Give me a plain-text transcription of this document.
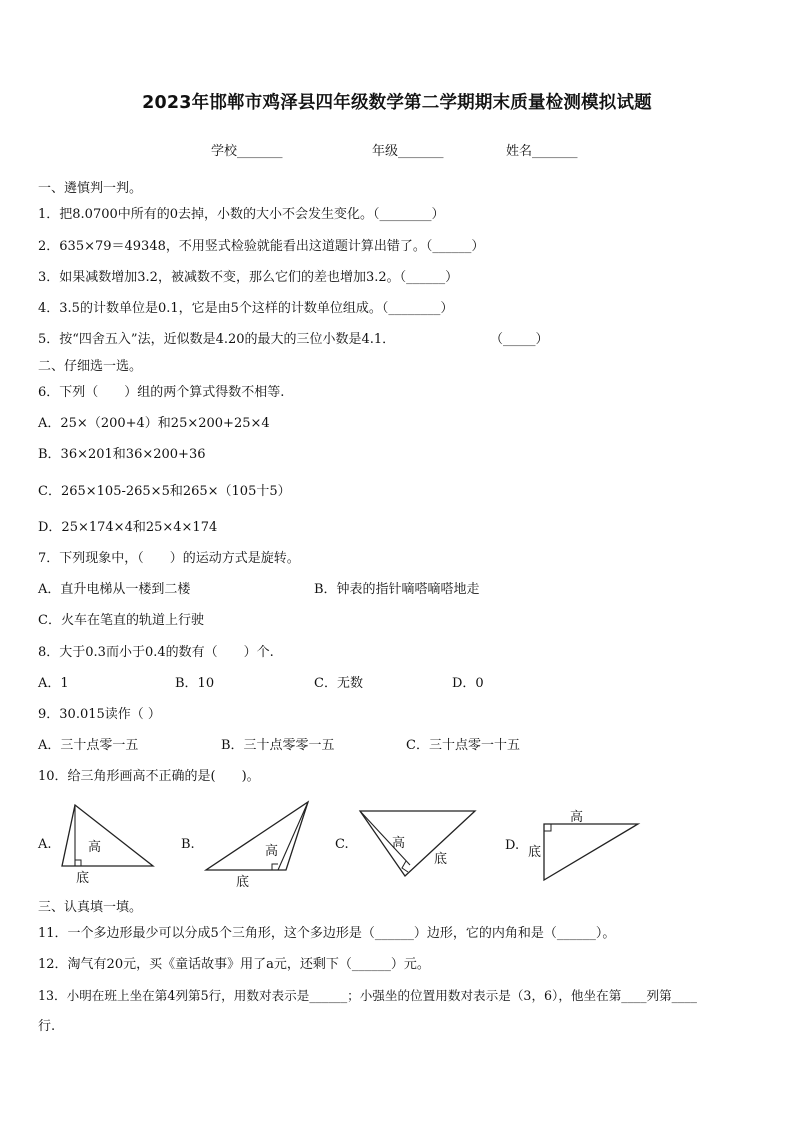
2023年邯郸市鸡泽县四年级数学第二学期期末质量检测模拟试题
学校_______	年级_______	姓名_______
一、遴慎判一判。
1．把8.0700中所有的0去掉，小数的大小不会发生变化。（________）
2．635×79＝49348，不用竖式检验就能看出这道题计算出错了。（______）
3．如果减数增加3.2，被减数不变，那么它们的差也增加3.2。（______）
4．3.5的计数单位是0.1，它是由5个这样的计数单位组成。（________）
5．按“四舍五入”法，近似数是4.20的最大的三位小数是4.1．	（_____）
二、仔细选一选。
6．下列（　　）组的两个算式得数不相等.
A．25×（200+4）和25×200+25×4
B．36×201和36×200+36
C．265×105-265×5和265×（105十5）
D．25×174×4和25×4×174
7．下列现象中，（　　）的运动方式是旋转。
A．直升电梯从一楼到二楼	B．钟表的指针嘀嗒嘀嗒地走
C．火车在笔直的轨道上行驶
8．大于0.3而小于0.4的数有（　　）个.
A．1	B．10	C．无数	D．0
9．30.015读作（ ）
A．三十点零一五	B．三十点零零一五	C．三十点零一十五
10．给三角形画高不正确的是(　　)。
A.	高
底
B.	高
底
C.	高
底
D.
高
底
三、认真填一填。
11．一个多边形最少可以分成5个三角形，这个多边形是（______）边形，它的内角和是（______）。
12．淘气有20元，买《童话故事》用了a元，还剩下（______）元。
13．小明在班上坐在第4列第5行，用数对表示是______；小强坐的位置用数对表示是（3，6），他坐在第____列第____
行.
